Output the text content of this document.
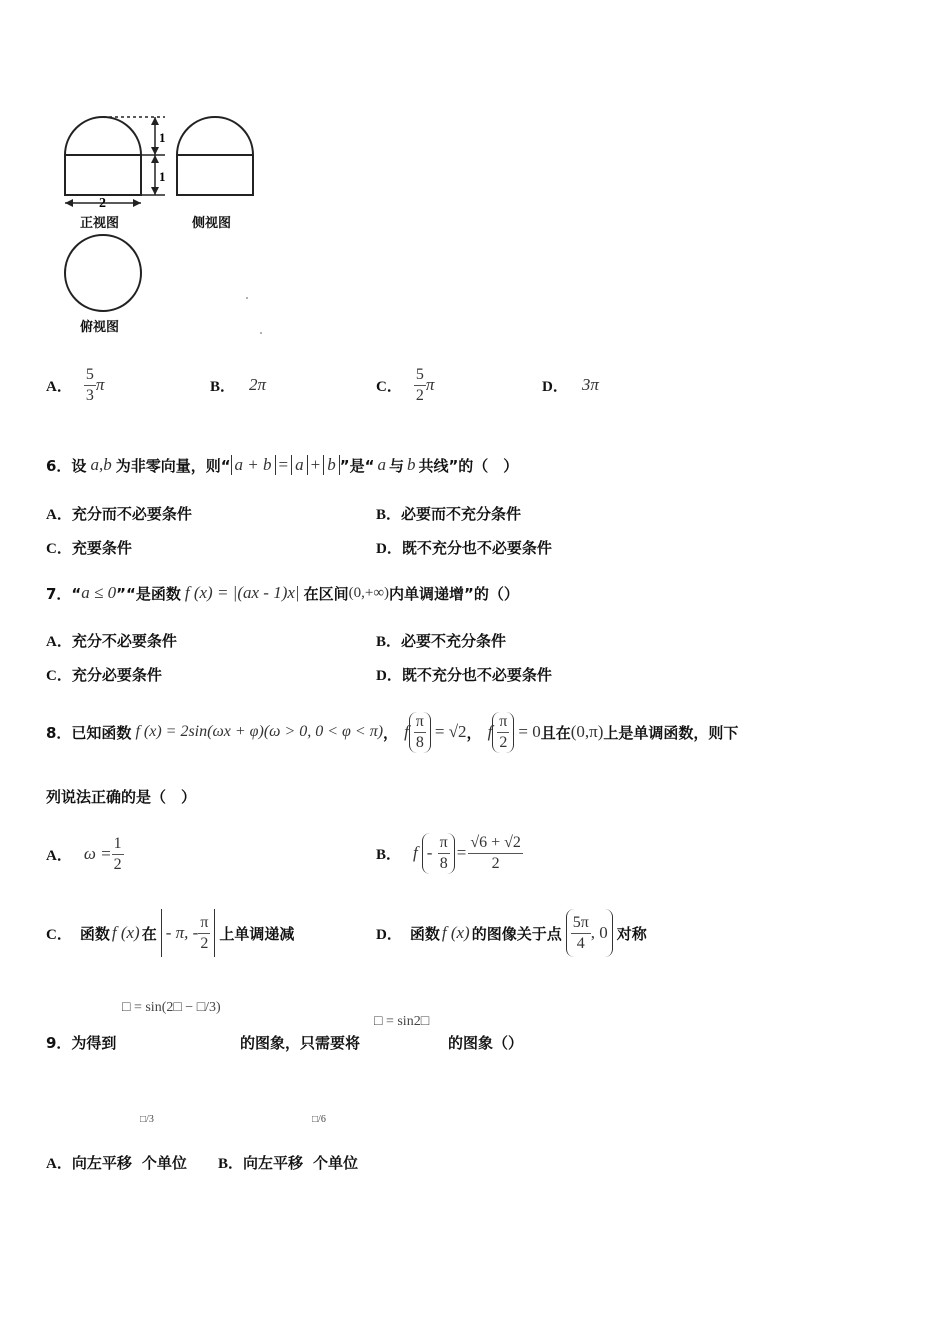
1
1
2
正视图	侧视图
俯视图
A． $\frac{5}{3}$ π	B． 2π	C． $\frac{5}{2}$ π	D． 3π
6．设 a,b 为非零向量，则“ a + b = a + b ”是“ a 与 b 共线”的（　）
A．充分而不必要条件	B．必要而不充分条件
C．充要条件	D．既不充分也不必要条件
7．“ a ≤ 0 ”“是函数 f (x) = |(ax - 1)x| 在区间 (0,+∞) 内单调递增”的（）
A．充分不必要条件	B．必要不充分条件
C．充分必要条件	D．既不充分也不必要条件
8．已知函数 f (x) = 2sin(ωx + φ)(ω > 0, 0 < φ < π) ， f $\frac{\pi}{8} = √2$ ， f $\frac{\pi}{2} = 0$ 且在 (0,π) 上是单调函数，则下
列说法正确的是（　）
A． $\omega = \frac{1}{2}$	B． $f - \frac{\pi}{8} = \frac{√6 + √2}{2}$
C． 函数 f (x) 在 - π, - $\frac{\pi}{2}$ 上单调递减	D． 函数 f (x) 的图像关于点 $\frac{5\pi}{4}$ , 0 对称
□ = sin(2□ − □/3)
□ = sin2□
9．为得到	的图象，只需要将	的图象（）
□/3	□/6
A．向左平移 个单位 B．向左平移 个单位
